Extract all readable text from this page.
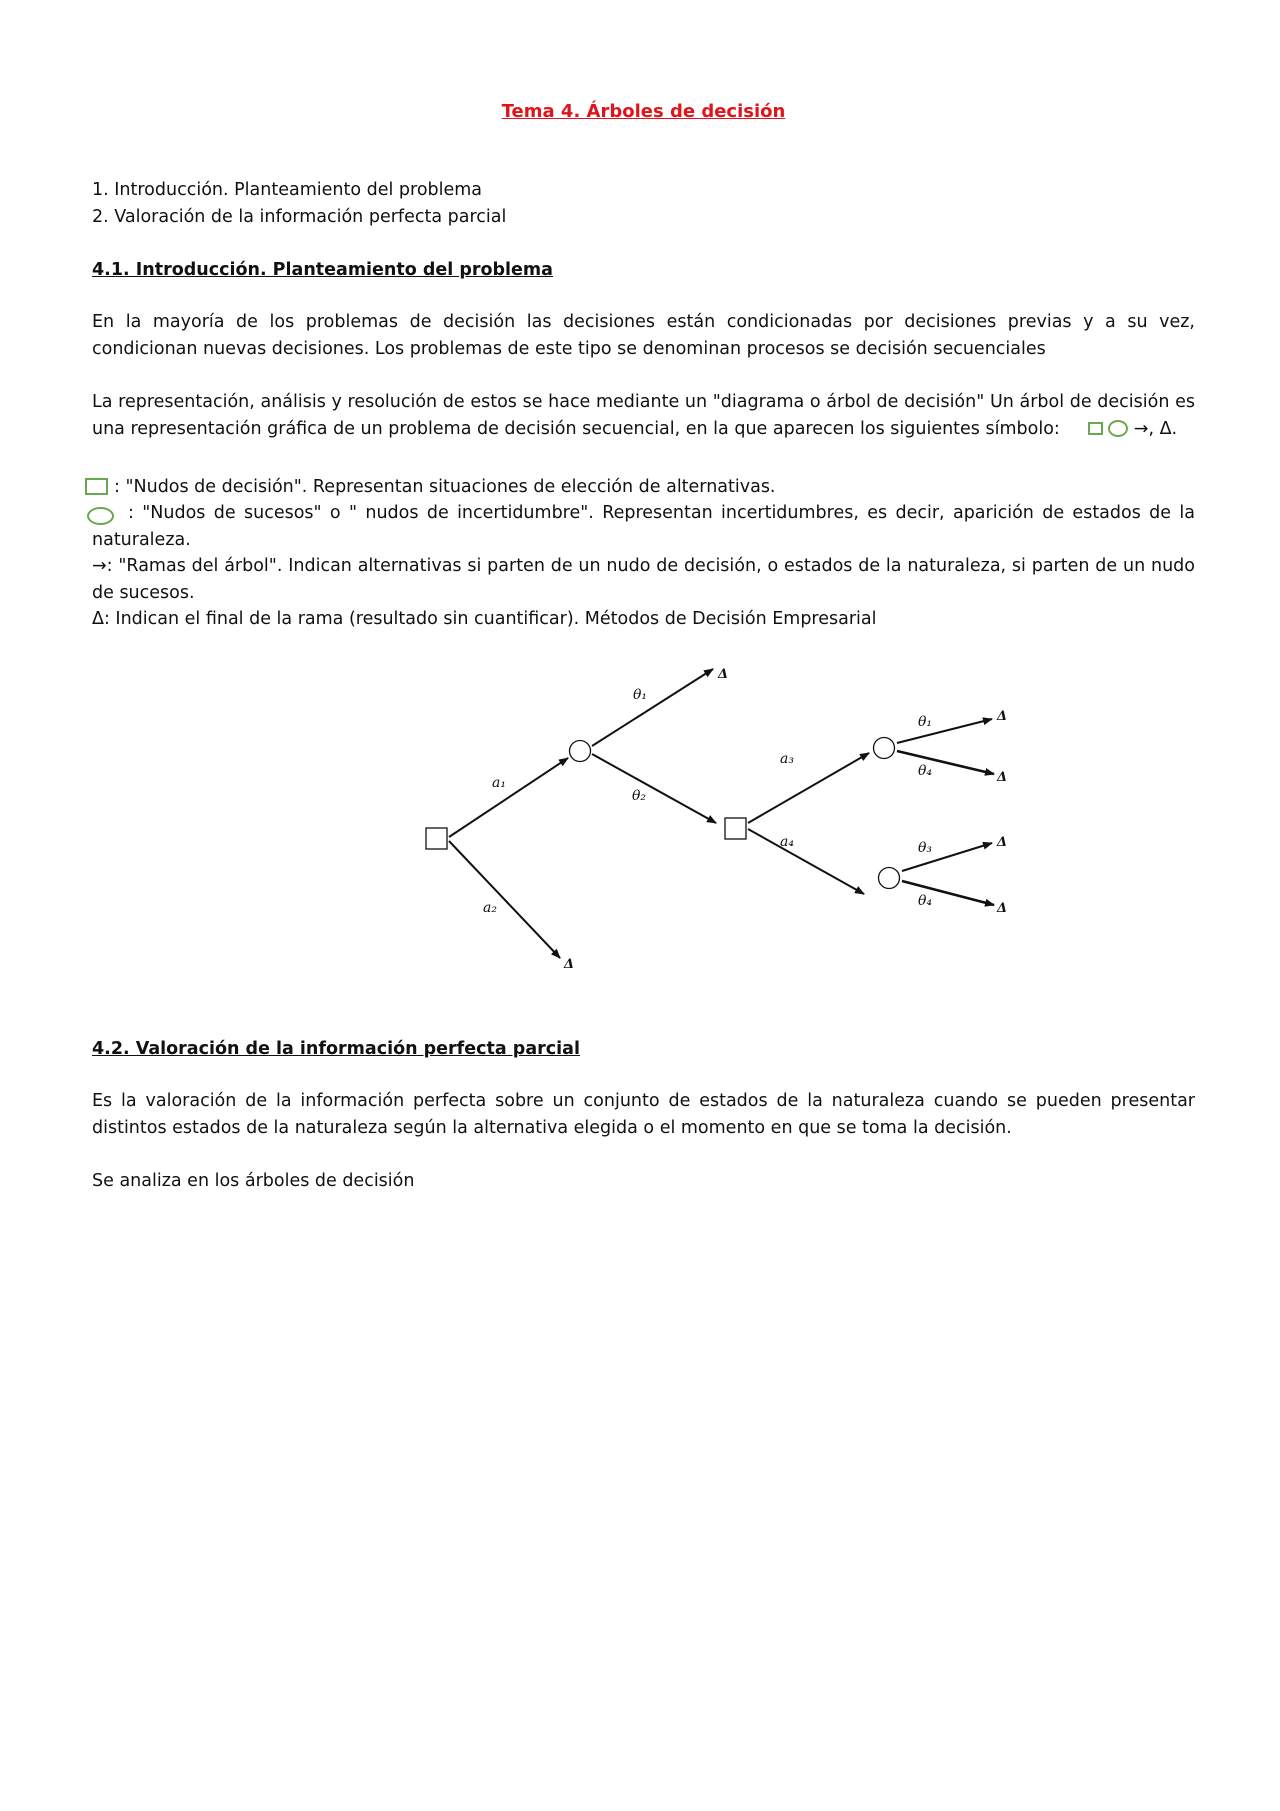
Tema 4. Árboles de decisión
1. Introducción. Planteamiento del problema
2. Valoración de la información perfecta parcial
4.1. Introducción. Planteamiento del problema
En la mayoría de los problemas de decisión las decisiones están condicionadas por decisiones previas y a su vez, condicionan nuevas decisiones. Los problemas de este tipo se denominan procesos se decisión secuenciales
La representación, análisis y resolución de estos se hace mediante un "diagrama o árbol de decisión" Un árbol de decisión es una representación gráfica de un problema de decisión secuencial, en la que aparecen los siguientes símbolo:	→, Δ.
: "Nudos de decisión". Representan situaciones de elección de alternativas.
: "Nudos de sucesos" o " nudos de incertidumbre". Representan incertidumbres, es decir, aparición de estados de la naturaleza.
→: "Ramas del árbol". Indican alternativas si parten de un nudo de decisión, o estados de la naturaleza, si parten de un nudo de sucesos.
Δ: Indican el final de la rama (resultado sin cuantificar). Métodos de Decisión Empresarial
a₁
a₂
θ₁
θ₂
a₃
a₄
θ₁
θ₄
θ₃
θ₄
Δ
Δ
Δ
Δ
Δ
Δ
4.2. Valoración de la información perfecta parcial
Es la valoración de la información perfecta sobre un conjunto de estados de la naturaleza cuando se pueden presentar distintos estados de la naturaleza según la alternativa elegida o el momento en que se toma la decisión.
Se analiza en los árboles de decisión
